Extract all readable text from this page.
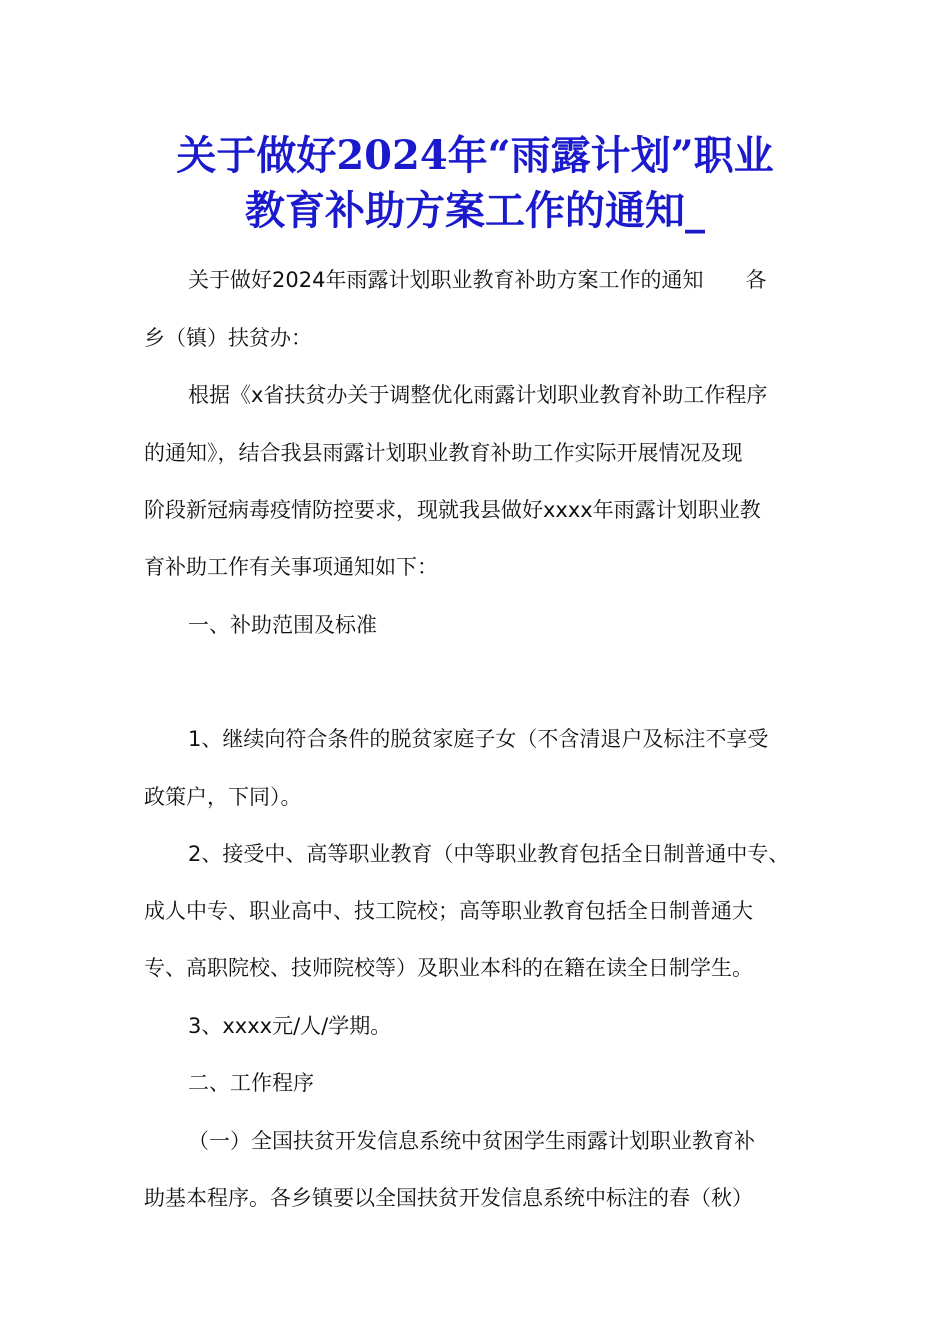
关于做好2024年“雨露计划”职业
教育补助方案工作的通知_
关于做好2024年雨露计划职业教育补助方案工作的通知　　各
乡（镇）扶贫办：
根据《x省扶贫办关于调整优化雨露计划职业教育补助工作程序
的通知》，结合我县雨露计划职业教育补助工作实际开展情况及现
阶段新冠病毒疫情防控要求，现就我县做好xxxx年雨露计划职业教
育补助工作有关事项通知如下：
一、补助范围及标准
1、继续向符合条件的脱贫家庭子女（不含清退户及标注不享受
政策户，下同）。
2、接受中、高等职业教育（中等职业教育包括全日制普通中专、
成人中专、职业高中、技工院校；高等职业教育包括全日制普通大
专、高职院校、技师院校等）及职业本科的在籍在读全日制学生。
3、xxxx元/人/学期。
二、工作程序
（一）全国扶贫开发信息系统中贫困学生雨露计划职业教育补
助基本程序。各乡镇要以全国扶贫开发信息系统中标注的春（秋）
